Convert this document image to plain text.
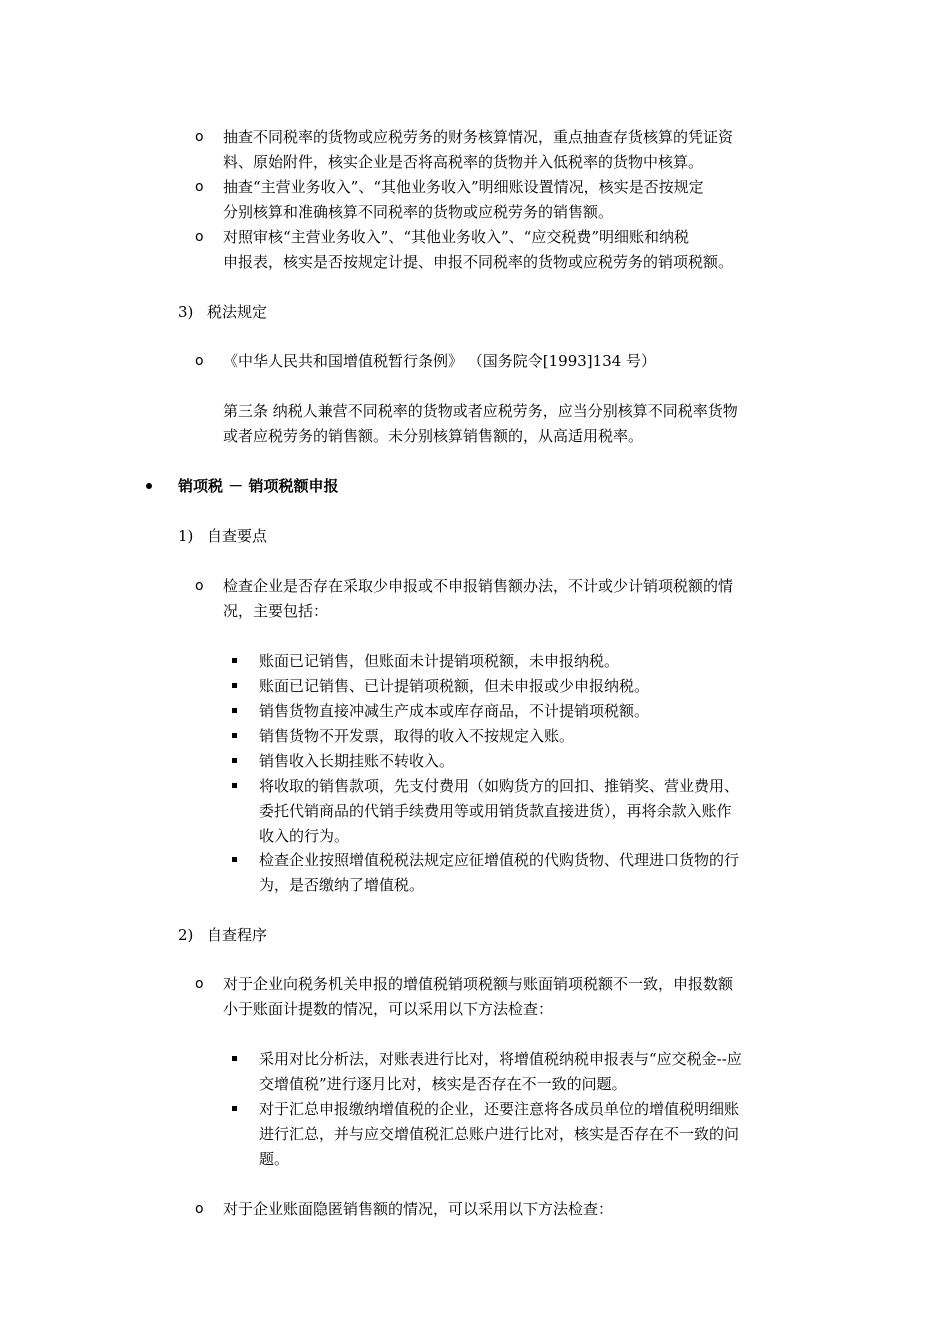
o 抽查不同税率的货物或应税劳务的财务核算情况，重点抽查存货核算的凭证资
料、原始附件，核实企业是否将高税率的货物并入低税率的货物中核算。
o 抽查“主营业务收入”、“其他业务收入”明细账设置情况，核实是否按规定
分别核算和准确核算不同税率的货物或应税劳务的销售额。
o 对照审核“主营业务收入”、“其他业务收入”、“应交税费”明细账和纳税
申报表，核实是否按规定计提、申报不同税率的货物或应税劳务的销项税额。
3) 税法规定
o 《中华人民共和国增值税暂行条例》 （国务院令[1993]134 号）
第三条 纳税人兼营不同税率的货物或者应税劳务，应当分别核算不同税率货物
或者应税劳务的销售额。未分别核算销售额的，从高适用税率。
销项税 － 销项税额申报
1) 自查要点
o 检查企业是否存在采取少申报或不申报销售额办法，不计或少计销项税额的情
况，主要包括：
账面已记销售，但账面未计提销项税额，未申报纳税。
账面已记销售、已计提销项税额，但未申报或少申报纳税。
销售货物直接冲减生产成本或库存商品，不计提销项税额。
销售货物不开发票，取得的收入不按规定入账。
销售收入长期挂账不转收入。
将收取的销售款项，先支付费用（如购货方的回扣、推销奖、营业费用、
委托代销商品的代销手续费用等或用销货款直接进货），再将余款入账作
收入的行为。
检查企业按照增值税税法规定应征增值税的代购货物、代理进口货物的行
为，是否缴纳了增值税。
2) 自查程序
o 对于企业向税务机关申报的增值税销项税额与账面销项税额不一致，申报数额
小于账面计提数的情况，可以采用以下方法检查：
采用对比分析法，对账表进行比对，将增值税纳税申报表与“应交税金--应
交增值税”进行逐月比对，核实是否存在不一致的问题。
对于汇总申报缴纳增值税的企业，还要注意将各成员单位的增值税明细账
进行汇总，并与应交增值税汇总账户进行比对，核实是否存在不一致的问
题。
o 对于企业账面隐匿销售额的情况，可以采用以下方法检查：
